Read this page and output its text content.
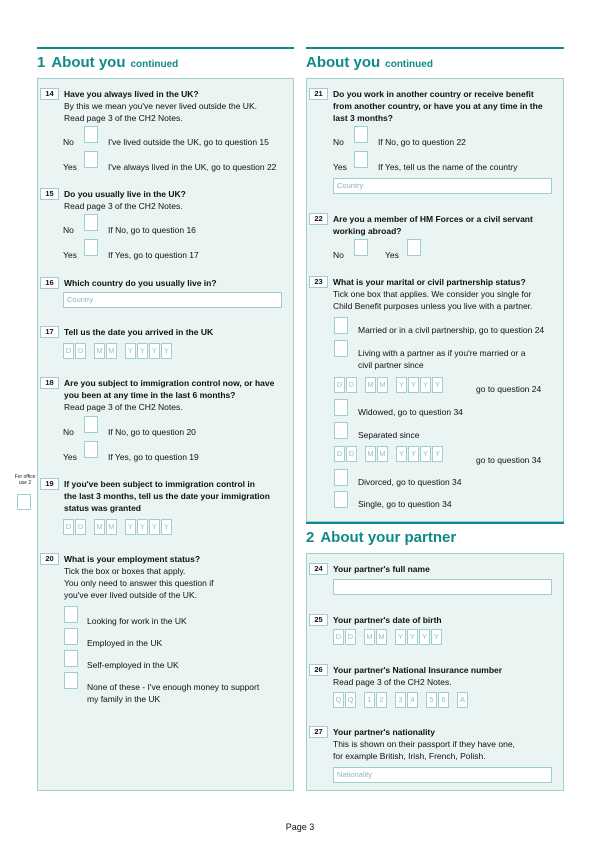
1 About you continued
14	Have you always lived in the UK?
By this we mean you've never lived outside the UK.
Read page 3 of the CH2 Notes.
No	I've lived outside the UK, go to question 15
Yes	I've always lived in the UK, go to question 22
15	Do you usually live in the UK?
Read page 3 of the CH2 Notes.
No	If No, go to question 16
Yes	If Yes, go to question 17
16	Which country do you usually live in?
Country
17	Tell us the date you arrived in the UK
D D	M M	Y Y Y Y
18	Are you subject to immigration control now, or have
you been at any time in the last 6 months?
Read page 3 of the CH2 Notes.
No	If No, go to question 20
Yes	If Yes, go to question 19
19	If you've been subject to immigration control in
the last 3 months, tell us the date your immigration
status was granted
D D	M M	Y Y Y Y
20	What is your employment status?
Tick the box or boxes that apply.
You only need to answer this question if
you've ever lived outside of the UK.
Looking for work in the UK
Employed in the UK
Self-employed in the UK
None of these - I've enough money to support
my family in the UK
For office use 2
About you continued
21	Do you work in another country or receive benefit
from another country, or have you at any time in the
last 3 months?
No	If No, go to question 22
Yes	If Yes, tell us the name of the country
Country
22	Are you a member of HM Forces or a civil servant
working abroad?
No	Yes
23	What is your marital or civil partnership status?
Tick one box that applies. We consider you single for
Child Benefit purposes unless you live with a partner.
Married or in a civil partnership, go to question 24
Living with a partner as if you're married or a
civil partner since
D D	M M	Y Y Y Y	go to question 24
Widowed, go to question 34
Separated since
D D	M M	Y Y Y Y
go to question 34
Divorced, go to question 34
Single, go to question 34
2 About your partner
24	Your partner's full name
25	Your partner's date of birth
D D	M M	Y Y Y Y
26	Your partner's National Insurance number
Read page 3 of the CH2 Notes.
Q Q	1	2	3	4	5	6	A
27	Your partner's nationality
This is shown on their passport if they have one,
for example British, Irish, French, Polish.
Nationality
Page 3
